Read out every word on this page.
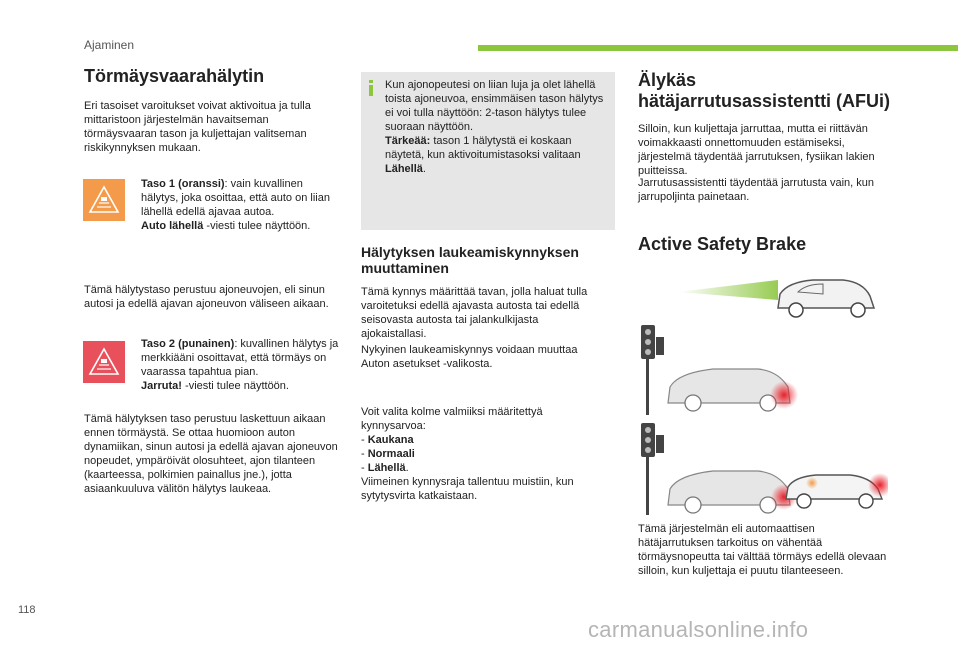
Ajaminen
Törmäysvaarahälytin
Eri tasoiset varoitukset voivat aktivoitua ja tulla mittaristoon järjestelmän havaitseman törmäysvaaran tason ja kuljettajan valitseman riskikynnyksen mukaan.
Taso 1 (oranssi): vain kuvallinen hälytys, joka osoittaa, että auto on liian lähellä edellä ajavaa autoa.
Auto lähellä -viesti tulee näyttöön.
Tämä hälytystaso perustuu ajoneuvojen, eli sinun autosi ja edellä ajavan ajoneuvon väliseen aikaan.
Taso 2 (punainen): kuvallinen hälytys ja merkkiääni osoittavat, että törmäys on vaarassa tapahtua pian.
Jarruta! -viesti tulee näyttöön.
Tämä hälytyksen taso perustuu laskettuun aikaan ennen törmäystä. Se ottaa huomioon auton dynamiikan, sinun autosi ja edellä ajavan ajoneuvon nopeudet, ympäröivät olosuhteet, ajon tilanteen (kaarteessa, polkimien painallus jne.), jotta asiaankuuluva välitön hälytys laukeaa.
Kun ajonopeutesi on liian luja ja olet lähellä toista ajoneuvoa, ensimmäisen tason hälytys ei voi tulla näyttöön: 2-tason hälytys tulee suoraan näyttöön.
Tärkeää: tason 1 hälytystä ei koskaan näytetä, kun aktivoitumistasoksi valitaan Lähellä.
Hälytyksen laukeamiskynnyksen muuttaminen
Tämä kynnys määrittää tavan, jolla haluat tulla varoitetuksi edellä ajavasta autosta tai edellä seisovasta autosta tai jalankulkijasta ajokaistallasi.
Nykyinen laukeamiskynnys voidaan muuttaa Auton asetukset -valikosta.
Voit valita kolme valmiiksi määritettyä kynnysarvoa:
- Kaukana
- Normaali
- Lähellä.
Viimeinen kynnysraja tallentuu muistiin, kun sytytysvirta katkaistaan.
Älykäs
hätäjarrutusassistentti (AFUi)
Silloin, kun kuljettaja jarruttaa, mutta ei riittävän voimakkaasti onnettomuuden estämiseksi, järjestelmä täydentää jarrutuksen, fysiikan lakien puitteissa.
Jarrutusassistentti täydentää jarrutusta vain, kun jarrupoljinta painetaan.
Active Safety Brake
Tämä järjestelmän eli automaattisen hätäjarrutuksen tarkoitus on vähentää törmäysnopeutta tai välttää törmäys edellä olevaan silloin, kun kuljettaja ei puutu tilanteeseen.
118
carmanualsonline.info
